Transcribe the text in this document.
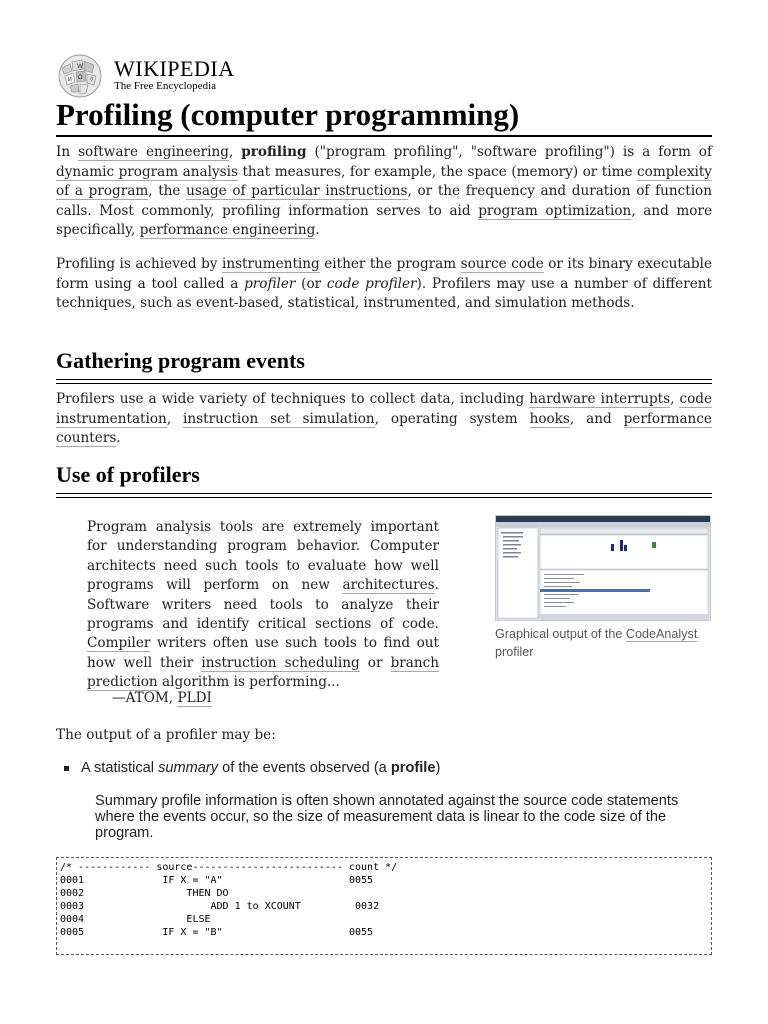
W
Ω
И	ウ WIKIPEDIA
The Free Encyclopedia
Profiling (computer programming)

In software engineering, profiling ("program profiling", "software profiling") is a form of dynamic program analysis that measures, for example, the space (memory) or time complexity of a program, the usage of particular instructions, or the frequency and duration of function calls. Most commonly, profiling information serves to aid program optimization, and more specifically, performance engineering.

Profiling is achieved by instrumenting either the program source code or its binary executable form using a tool called a profiler (or code profiler). Profilers may use a number of different techniques, such as event-based, statistical, instrumented, and simulation methods.

Gathering program events

Profilers use a wide variety of techniques to collect data, including hardware interrupts, code instrumentation, instruction set simulation, operating system hooks, and performance counters.

Use of profilers

Program analysis tools are extremely important for understanding program behavior. Computer architects need such tools to evaluate how well programs will perform on new architectures. Software writers need tools to analyze their programs and identify critical sections of code. Compiler writers often use such tools to find out how well their instruction scheduling or branch prediction algorithm is performing...

—ATOM, PLDI
Graphical output of the CodeAnalyst profiler

The output of a profiler may be:

A statistical summary of the events observed (a profile)

Summary profile information is often shown annotated against the source code statements where the events occur, so the size of measurement data is linear to the code size of the program.

/* ------------ source------------------------- count */
0001             IF X = "A"                     0055
0002                 THEN DO
0003                     ADD 1 to XCOUNT         0032
0004                 ELSE
0005             IF X = "B"                     0055
